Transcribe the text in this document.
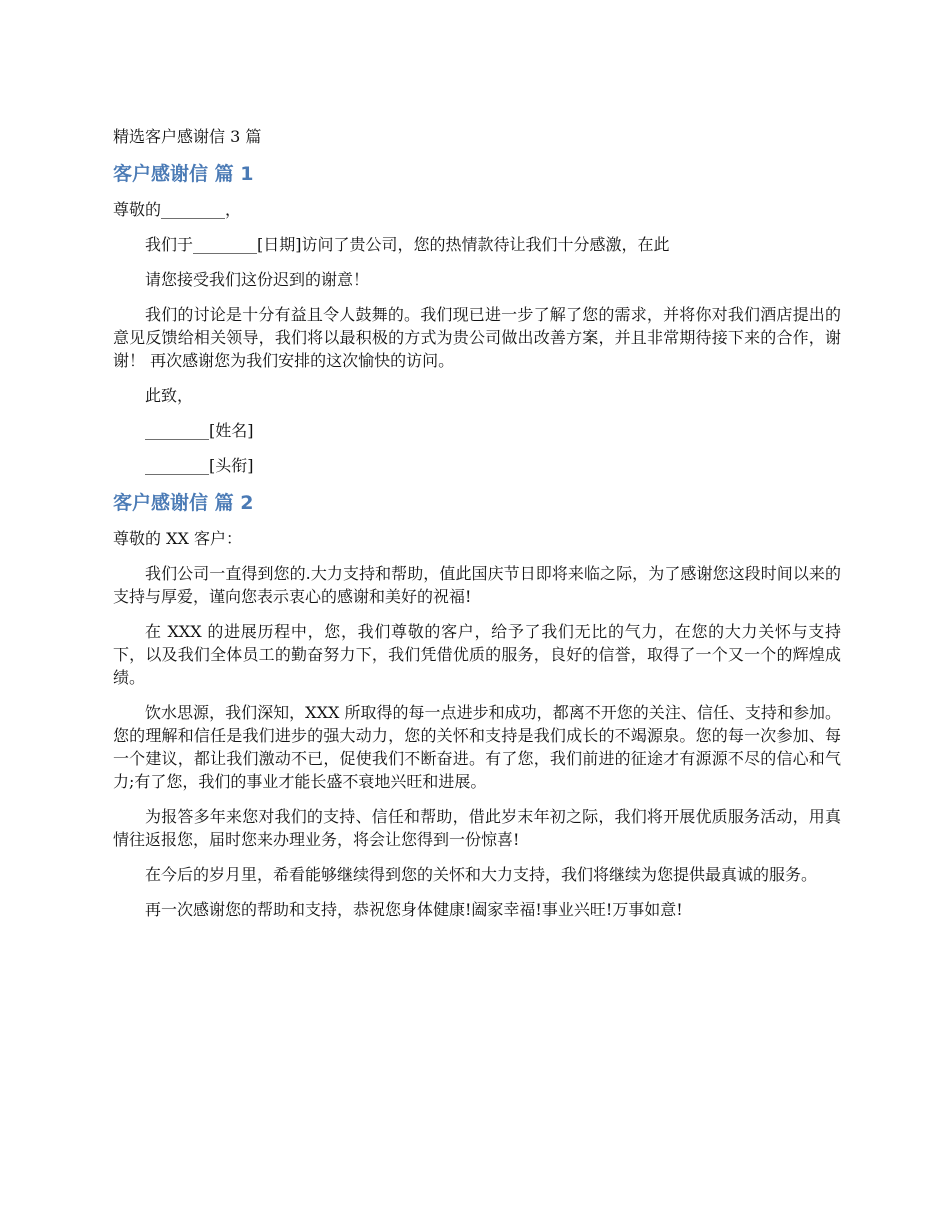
精选客户感谢信 3 篇
客户感谢信 篇 1

尊敬的________，

我们于________[日期]访问了贵公司，您的热情款待让我们十分感激，在此

请您接受我们这份迟到的谢意！

我们的讨论是十分有益且令人鼓舞的。我们现已进一步了解了您的需求，并将你对我们酒店提出的意见反馈给相关领导，我们将以最积极的方式为贵公司做出改善方案，并且非常期待接下来的合作，谢谢！ 再次感谢您为我们安排的这次愉快的访问。

此致，

________[姓名]

________[头衔]

客户感谢信 篇 2

尊敬的 XX 客户：

我们公司一直得到您的.大力支持和帮助，值此国庆节日即将来临之际，为了感谢您这段时间以来的支持与厚爱，谨向您表示衷心的感谢和美好的祝福!

在 XXX 的进展历程中，您，我们尊敬的客户，给予了我们无比的气力，在您的大力关怀与支持下，以及我们全体员工的勤奋努力下，我们凭借优质的服务，良好的信誉，取得了一个又一个的辉煌成绩。

饮水思源，我们深知，XXX 所取得的每一点进步和成功，都离不开您的关注、信任、支持和参加。您的理解和信任是我们进步的强大动力，您的关怀和支持是我们成长的不竭源泉。您的每一次参加、每一个建议，都让我们激动不已，促使我们不断奋进。有了您，我们前进的征途才有源源不尽的信心和气力;有了您，我们的事业才能长盛不衰地兴旺和进展。

为报答多年来您对我们的支持、信任和帮助，借此岁末年初之际，我们将开展优质服务活动，用真情往返报您，届时您来办理业务，将会让您得到一份惊喜!

在今后的岁月里，希看能够继续得到您的关怀和大力支持，我们将继续为您提供最真诚的服务。

再一次感谢您的帮助和支持，恭祝您身体健康!阖家幸福!事业兴旺!万事如意!
